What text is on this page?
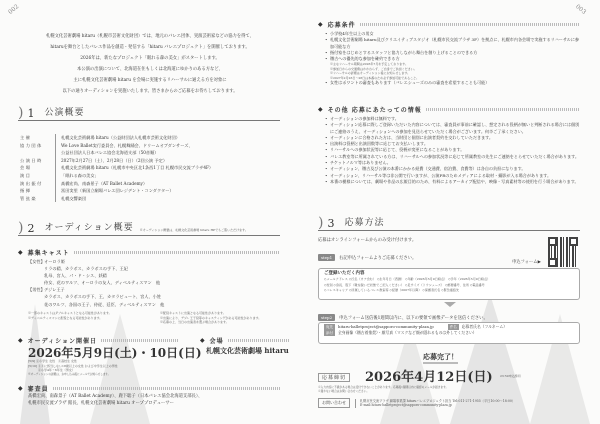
002	003
札幌文化芸術劇場 hitaru（札幌市芸術文化財団）では、地元のバレエ団体、実演芸術家などの協力を得て、
hitaruを舞台としたバレエ作品を創造・発信する「hitaru バレエプロジェクト」を開催しております。
2026年は、新たなプロジェクト「眠れる森の美女」がスタートします。
本公演の出演について、北海道在住もしくは北海道にゆかりのある方など、
主に札幌文化芸術劇場 hitaru を会場に実施するリハーサルに通える方を対象に
以下の通りオーディションを実施いたします。皆さまからのご応募をお待ちしております。
) 1 公演概要
主催	札幌文化芸術劇場 hitaru（公益財団法人札幌市芸術文化財団）
協力団体	We Love Ballet実行委員会、札幌舞踊会、ドリームオブダンサーズ、
公益社団法人日本バレエ協会北海道支部（50音順）
公演日時	2027年2月27日（土）、2月28日（日）（2回公演 予定）
会場	札幌文化芸術劇場 hitaru（札幌市中央区北1条西1丁目 札幌市民交流プラザ4F）
演目	「眠れる森の美女」
演出振付	髙橋宏尚、南森景子（AT Ballet Academy）
指揮	冨田実里（新国立劇場バレエ団レジデント・コンダクター）
管弦楽	札幌交響楽団
) 2 オーディション概要 ※オーディション概要は、札幌文化芸術劇場 hitaru HPでもご覧いただけます。
◆ 募集キャスト
【女性】 オーロラ姫
リラの精、カラボス、カラボスの手下、王妃
乳母、宮人、パ・ド・シス、妖精
侍女、花のワルツ、オーロラの友人、ディベルティスマン　他
【男性】 デジレ王子
カラボス、カラボスの手下、王、カタラビュート、宮人、小姓
花のワルツ、各国の王子、侍従、廷臣、ディベルティスマン　他
※一部のキャストはダブルキャストとなる可能性があります。
※ディベルティスマンに配役となる可能性があります。
※配役キャストに出演となる可能性があります。
※出演により、デジレ王子役等のキャスティングがある可能性があります。
※応募の上、当日の出演者を選ぶ場合があります。
◆ オーディション開催日
2026年5月9日(土)・10日(日)
[5/9] ①小学生 女性　②高校生 女性
[5/10] ③②に該当しない18歳以上の女性 および中学生以上の男性
④小学4年〜6年生（男女）
※オーディションの詳細は、お申し込み後にメールでお知らせします。
◆ 会場
札幌文化芸術劇場 hitaru
◆ 審査員
髙橋宏尚、南森景子（AT Ballet Academy）、鹿下聡子（日本バレエ協会北海道支部長）、
札幌市民交流プラザ 館長、札幌文化芸術劇場 hitaru オーププロデューサー
◆ 応募条件
• 小学校4年生以上の男女
• 札幌文化芸術劇場 hitaru及びクリエイティブスタジオ（札幌市民交流プラザ 3F）を拠点に、札幌市内各会場で実施するリハーサルに参加可能な方
• 指付家をはじめとするスタッフと協力しながら舞台を創り上げることのできる方
• 稽古への優先的な参加を確約できる方
※主なリハーサル期間は2026年7月を予定しております。
※参加日からの交通費はかかわらず、ご自身でご負担ください。
※リハーサルの詳細はオーディション後にお知らせします。
※2027年2月26日〜28日は本番のため必ず参加可能であること。
• 女性はポワントの審査もあります（バレエシューズのみの審査を希望することも可能）
◆ その他 応募にあたっての情報
• オーディションの参加料は無料です。
• オーディション応募に際しご登録いただいた内容については、審査員が事前に確認し、想定される役柄が無いと判断される場合には個別にご連絡のうえ、オーディションへの参加を見送らせていただく場合がございます。何卒ご了承ください。
• オーディションに合格された方は、当財団と個別に出演者契約を交わしていただきます。
• 出演料は役柄と出演回数等に応じてお支払いします。
• リハーサルへの参加状況等に応じて、役柄が変更になることがあります。
• バレエ教室等に所属されている方は、リハーサルへの参加状況等に応じて所属教室の先生にご連絡をとらせていただく場合があります。
• チケットノルマ等はありません。
• オーディション、稽古及び公演の本番にかかる経費（交通費、宿泊費、食費等）は各自の負担になります。
• オーディション、リハーサル等は非公開で行いますが、公演PRのためメディアによる取材・撮影が入る場合があります。
• 本番の模様については、劇場や作品の広報目的のため、有料によるアーカイブ配信や、映像・写真素材等の使用を行う場合があります。
) 3 応募方法
応募はオンラインフォームからのみ受け付けます。
step1 右記申込フォームよりご応募ください。
申込フォーム▶
ご登録いただく内容
◇メールアドレス ◇氏名（カナ含む） ◇生年月日（西暦） ◇年齢（2026年5月9日時点） ◇学年（2026年5月9日時点）
◇性別 ◇身長、股下（靴を脱いだ状態でご記入ください） ◇足サイズ（トウシューズ） ◇郵便番号、住所 ◇電話番号
◇バレエキャリア ◇所属しているバレエ教室等 ◇経歴（2007年以降） ◇保護者氏名 ◇緊急連絡先
step2 申込フォーム送信後1週間以内に、以下の要領で画像データを送信ください。
宛先 hitaru-balletproject@sapporo-community-plaza.jp	件名 応募者氏名（フルネーム）
添付 全身画像（稽古着推奨）・顔写真（マスクなど顔が隠れるものは外してください）
応募完了！
応募締切	2026年4月12日(日) 23:59申込締切
※入力内容に不備がある場合は受付できないことがあります。応募後1週間以内に確認のメールが届きます。
※届かない場合はお問い合わせください。
お問い合わせ	札幌市民交流プラザ 劇場事業課 hitaruバレエプロジェクト担当 Tel:011-271-1955（平日10:00〜18:00）
E-mail:hitaru-balletproject@sapporo-community-plaza.jp
